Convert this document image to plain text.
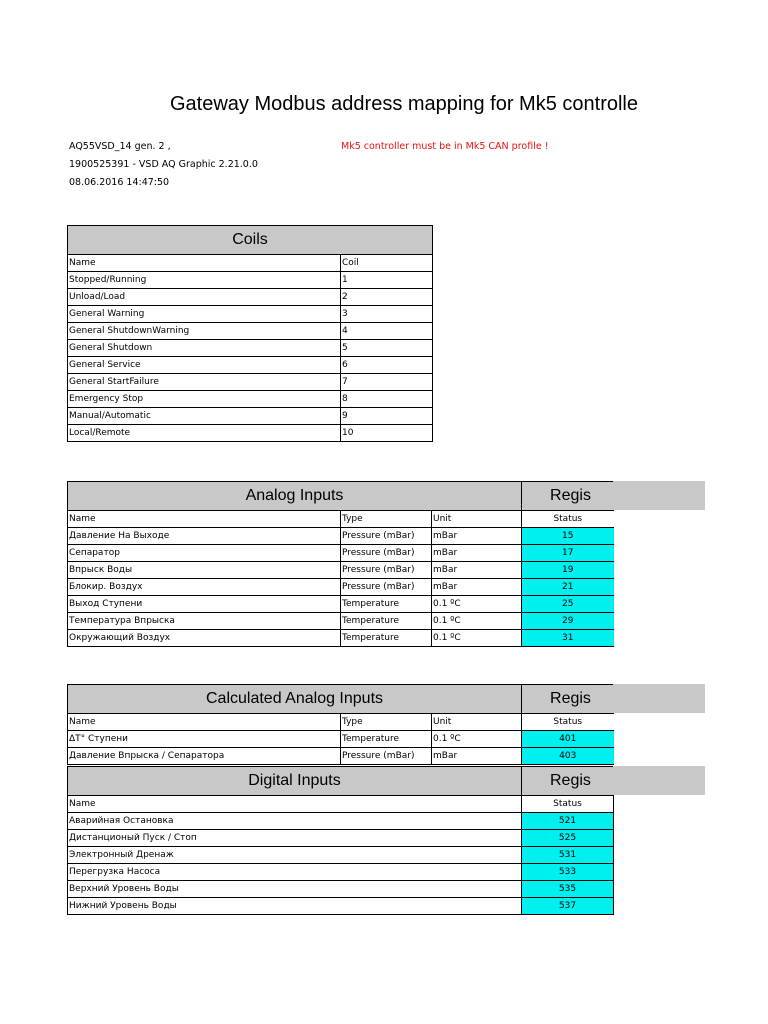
Gateway Modbus address mapping for Mk5 controlle
AQ55VSD_14 gen. 2 ,
1900525391 - VSD AQ Graphic 2.21.0.0
08.06.2016 14:47:50
Mk5 controller must be in Mk5 CAN profile !
Coils	
Name	Coil
Stopped/Running	1
Unload/Load	2
General Warning	3
General ShutdownWarning	4
General Shutdown	5
General Service	6
General StartFailure	7
Emergency Stop	8
Manual/Automatic	9
Local/Remote	10
Analog Inputs			Regis
Name	Type	Unit	Status
Давление На Выходе	Pressure (mBar)	mBar	15
Сепаратор	Pressure (mBar)	mBar	17
Впрыск Воды	Pressure (mBar)	mBar	19
Блокир. Воздух	Pressure (mBar)	mBar	21
Выход Ступени	Temperature	0.1 ºC	25
Температура Впрыска	Temperature	0.1 ºC	29
Окружающий Воздух	Temperature	0.1 ºC	31
Calculated Analog Inputs			Regis
Name	Type	Unit	Status
ΔT° Ступени	Temperature	0.1 ºC	401
Давление Впрыска / Сепаратора	Pressure (mBar)	mBar	403
Digital Inputs	Regis
Name	Status
Аварийная Остановка	521
Дистанционый Пуск / Стоп	525
Электронный Дренаж	531
Перегрузка Насоса	533
Верхний Уровень Воды	535
Нижний Уровень Воды	537
